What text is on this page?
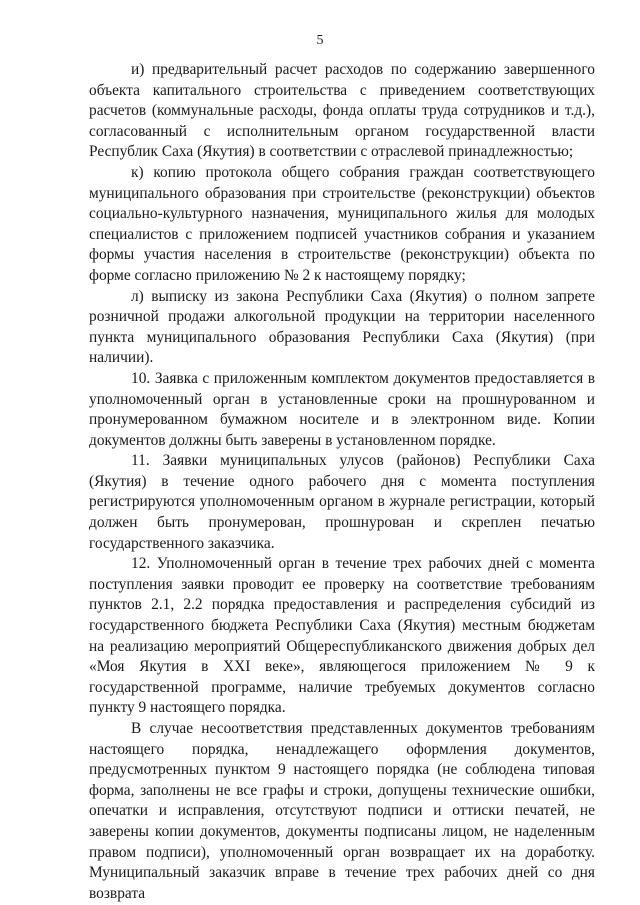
5

и) предварительный расчет расходов по содержанию завершенного объекта капитального строительства с приведением соответствующих расчетов (коммунальные расходы, фонда оплаты труда сотрудников и т.д.), согласованный с исполнительным органом государственной власти Республик Саха (Якутия) в соответствии с отраслевой принадлежностью;

к) копию протокола общего собрания граждан соответствующего муниципального образования при строительстве (реконструкции) объектов социально-культурного назначения, муниципального жилья для молодых специалистов с приложением подписей участников собрания и указанием формы участия населения в строительстве (реконструкции) объекта по форме согласно приложению № 2 к настоящему порядку;

л) выписку из закона Республики Саха (Якутия) о полном запрете розничной продажи алкогольной продукции на территории населенного пункта муниципального образования Республики Саха (Якутия) (при наличии).

10. Заявка с приложенным комплектом документов предоставляется в уполномоченный орган в установленные сроки на прошнурованном и пронумерованном бумажном носителе и в электронном виде. Копии документов должны быть заверены в установленном порядке.

11. Заявки муниципальных улусов (районов) Республики Саха (Якутия) в течение одного рабочего дня с момента поступления регистрируются уполномоченным органом в журнале регистрации, который должен быть пронумерован, прошнурован и скреплен печатью государственного заказчика.

12. Уполномоченный орган в течение трех рабочих дней с момента поступления заявки проводит ее проверку на соответствие требованиям пунктов 2.1, 2.2 порядка предоставления и распределения субсидий из государственного бюджета Республики Саха (Якутия) местным бюджетам на реализацию мероприятий Общереспубликанского движения добрых дел «Моя Якутия в XXI веке», являющегося приложением № 9 к государственной программе, наличие требуемых документов согласно пункту 9 настоящего порядка.

В случае несоответствия представленных документов требованиям настоящего порядка, ненадлежащего оформления документов, предусмотренных пунктом 9 настоящего порядка (не соблюдена типовая форма, заполнены не все графы и строки, допущены технические ошибки, опечатки и исправления, отсутствуют подписи и оттиски печатей, не заверены копии документов, документы подписаны лицом, не наделенным правом подписи), уполномоченный орган возвращает их на доработку. Муниципальный заказчик вправе в течение трех рабочих дней со дня возврата
